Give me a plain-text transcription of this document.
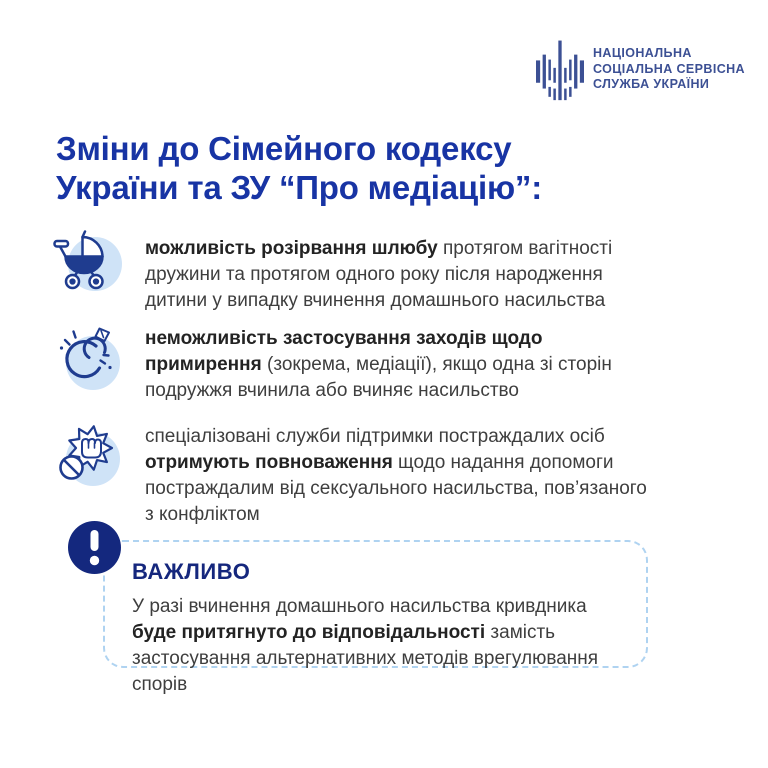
НАЦІОНАЛЬНА
СОЦІАЛЬНА СЕРВІСНА
СЛУЖБА УКРАЇНИ
Зміни до Сімейного кодексу
України та ЗУ “Про медіацію”:

можливість розірвання шлюбу протягом вагітності дружини та протягом одного року після народження дитини у випадку вчинення домашнього насильства

неможливість застосування заходів щодо примирення (зокрема, медіації), якщо одна зі сторін подружжя вчинила або вчиняє насильство

спеціалізовані служби підтримки постраждалих осіб отримують повноваження щодо надання допомоги постраждалим від сексуального насильства, пов’язаного з конфліктом

ВАЖЛИВО

У разі вчинення домашнього насильства кривдника буде притягнуто до відповідальності замість застосування альтернативних методів врегулювання спорів
